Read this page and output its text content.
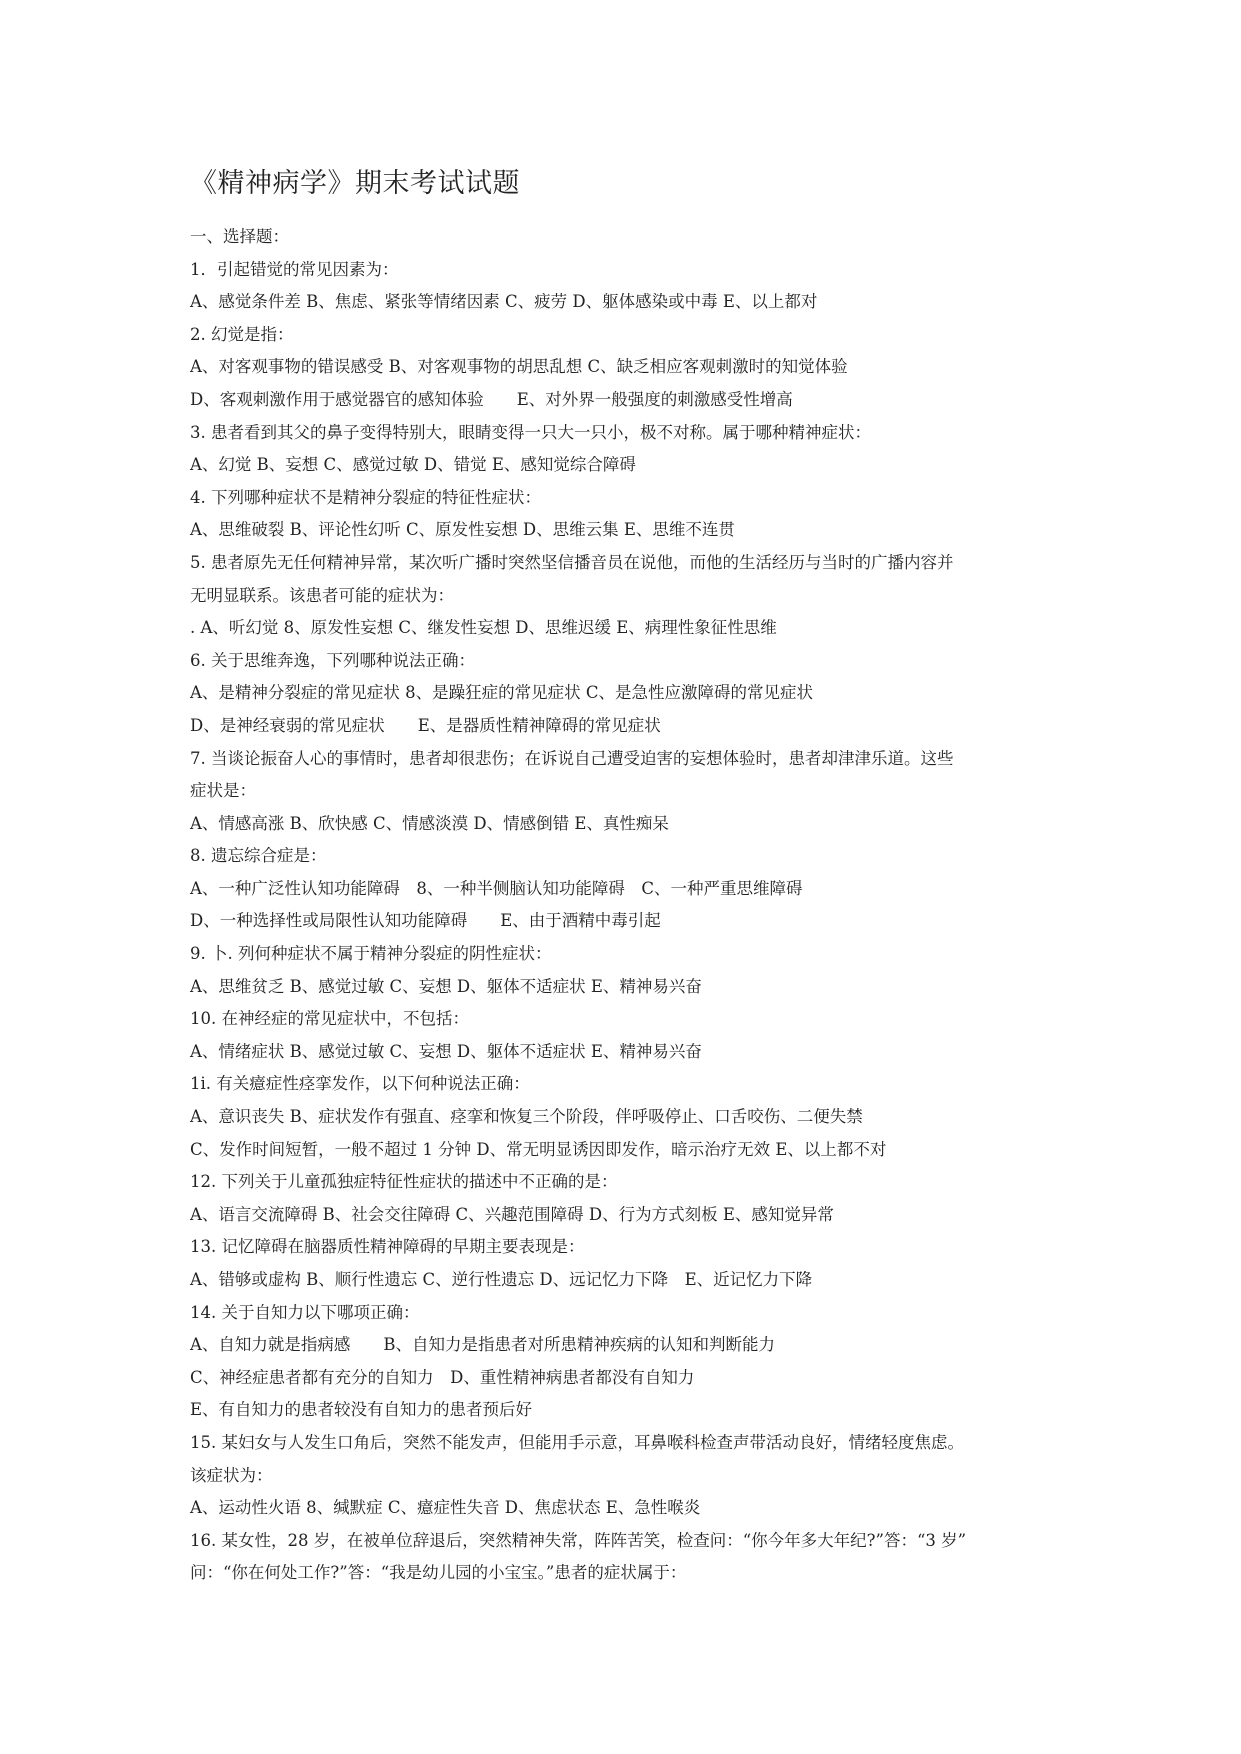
《精神病学》期末考试试题
一、选择题：
1．引起错觉的常见因素为：
A、感觉条件差 B、焦虑、紧张等情绪因素 C、疲劳 D、躯体感染或中毒 E、以上都对
2. 幻觉是指：
A、对客观事物的错误感受 B、对客观事物的胡思乱想 C、缺乏相应客观刺激时的知觉体验
D、客观刺激作用于感觉器官的感知体验　　E、对外界一般强度的刺激感受性增高
3. 患者看到其父的鼻子变得特别大，眼睛变得一只大一只小，极不对称。属于哪种精神症状：
A、幻觉 B、妄想 C、感觉过敏 D、错觉 E、感知觉综合障碍
4. 下列哪种症状不是精神分裂症的特征性症状：
A、思维破裂 B、评论性幻听 C、原发性妄想 D、思维云集 E、思维不连贯
5. 患者原先无任何精神异常，某次听广播时突然坚信播音员在说他，而他的生活经历与当时的广播内容并
无明显联系。该患者可能的症状为：
. A、听幻觉 8、原发性妄想 C、继发性妄想 D、思维迟缓 E、病理性象征性思维
6. 关于思维奔逸，下列哪种说法正确：
A、是精神分裂症的常见症状 8、是躁狂症的常见症状 C、是急性应激障碍的常见症状
D、是神经衰弱的常见症状　　E、是器质性精神障碍的常见症状
7. 当谈论振奋人心的事情时，患者却很悲伤；在诉说自己遭受迫害的妄想体验时，患者却津津乐道。这些
症状是：
A、情感高涨 B、欣快感 C、情感淡漠 D、情感倒错 E、真性痴呆
8. 遗忘综合症是：
A、一种广泛性认知功能障碍　8、一种半侧脑认知功能障碍　C、一种严重思维障碍
D、一种选择性或局限性认知功能障碍　　E、由于酒精中毒引起
9. 卜. 列何种症状不属于精神分裂症的阴性症状：
A、思维贫乏 B、感觉过敏 C、妄想 D、躯体不适症状 E、精神易兴奋
10. 在神经症的常见症状中，不包括：
A、情绪症状 B、感觉过敏 C、妄想 D、躯体不适症状 E、精神易兴奋
1i. 有关癔症性痉挛发作，以下何种说法正确：
A、意识丧失 B、症状发作有强直、痉挛和恢复三个阶段，伴呼吸停止、口舌咬伤、二便失禁
C、发作时间短暂，一般不超过 1 分钟 D、常无明显诱因即发作，暗示治疗无效 E、以上都不对
12. 下列关于儿童孤独症特征性症状的描述中不正确的是：
A、语言交流障碍 B、社会交往障碍 C、兴趣范围障碍 D、行为方式刻板 E、感知觉异常
13. 记忆障碍在脑器质性精神障碍的早期主要表现是：
A、错够或虚构 B、顺行性遗忘 C、逆行性遗忘 D、远记忆力下降　E、近记忆力下降
14. 关于自知力以下哪项正确：
A、自知力就是指病感　　B、自知力是指患者对所患精神疾病的认知和判断能力
C、神经症患者都有充分的自知力　D、重性精神病患者都没有自知力
E、有自知力的患者较没有自知力的患者预后好
15. 某妇女与人发生口角后，突然不能发声，但能用手示意，耳鼻喉科检查声带活动良好，情绪轻度焦虑。
该症状为：
A、运动性火语 8、缄默症 C、癔症性失音 D、焦虑状态 E、急性喉炎
16. 某女性，28 岁，在被单位辞退后，突然精神失常，阵阵苦笑，检查问：“你今年多大年纪?”答：“3 岁”
问：“你在何处工作?”答：“我是幼儿园的小宝宝。”患者的症状属于：
